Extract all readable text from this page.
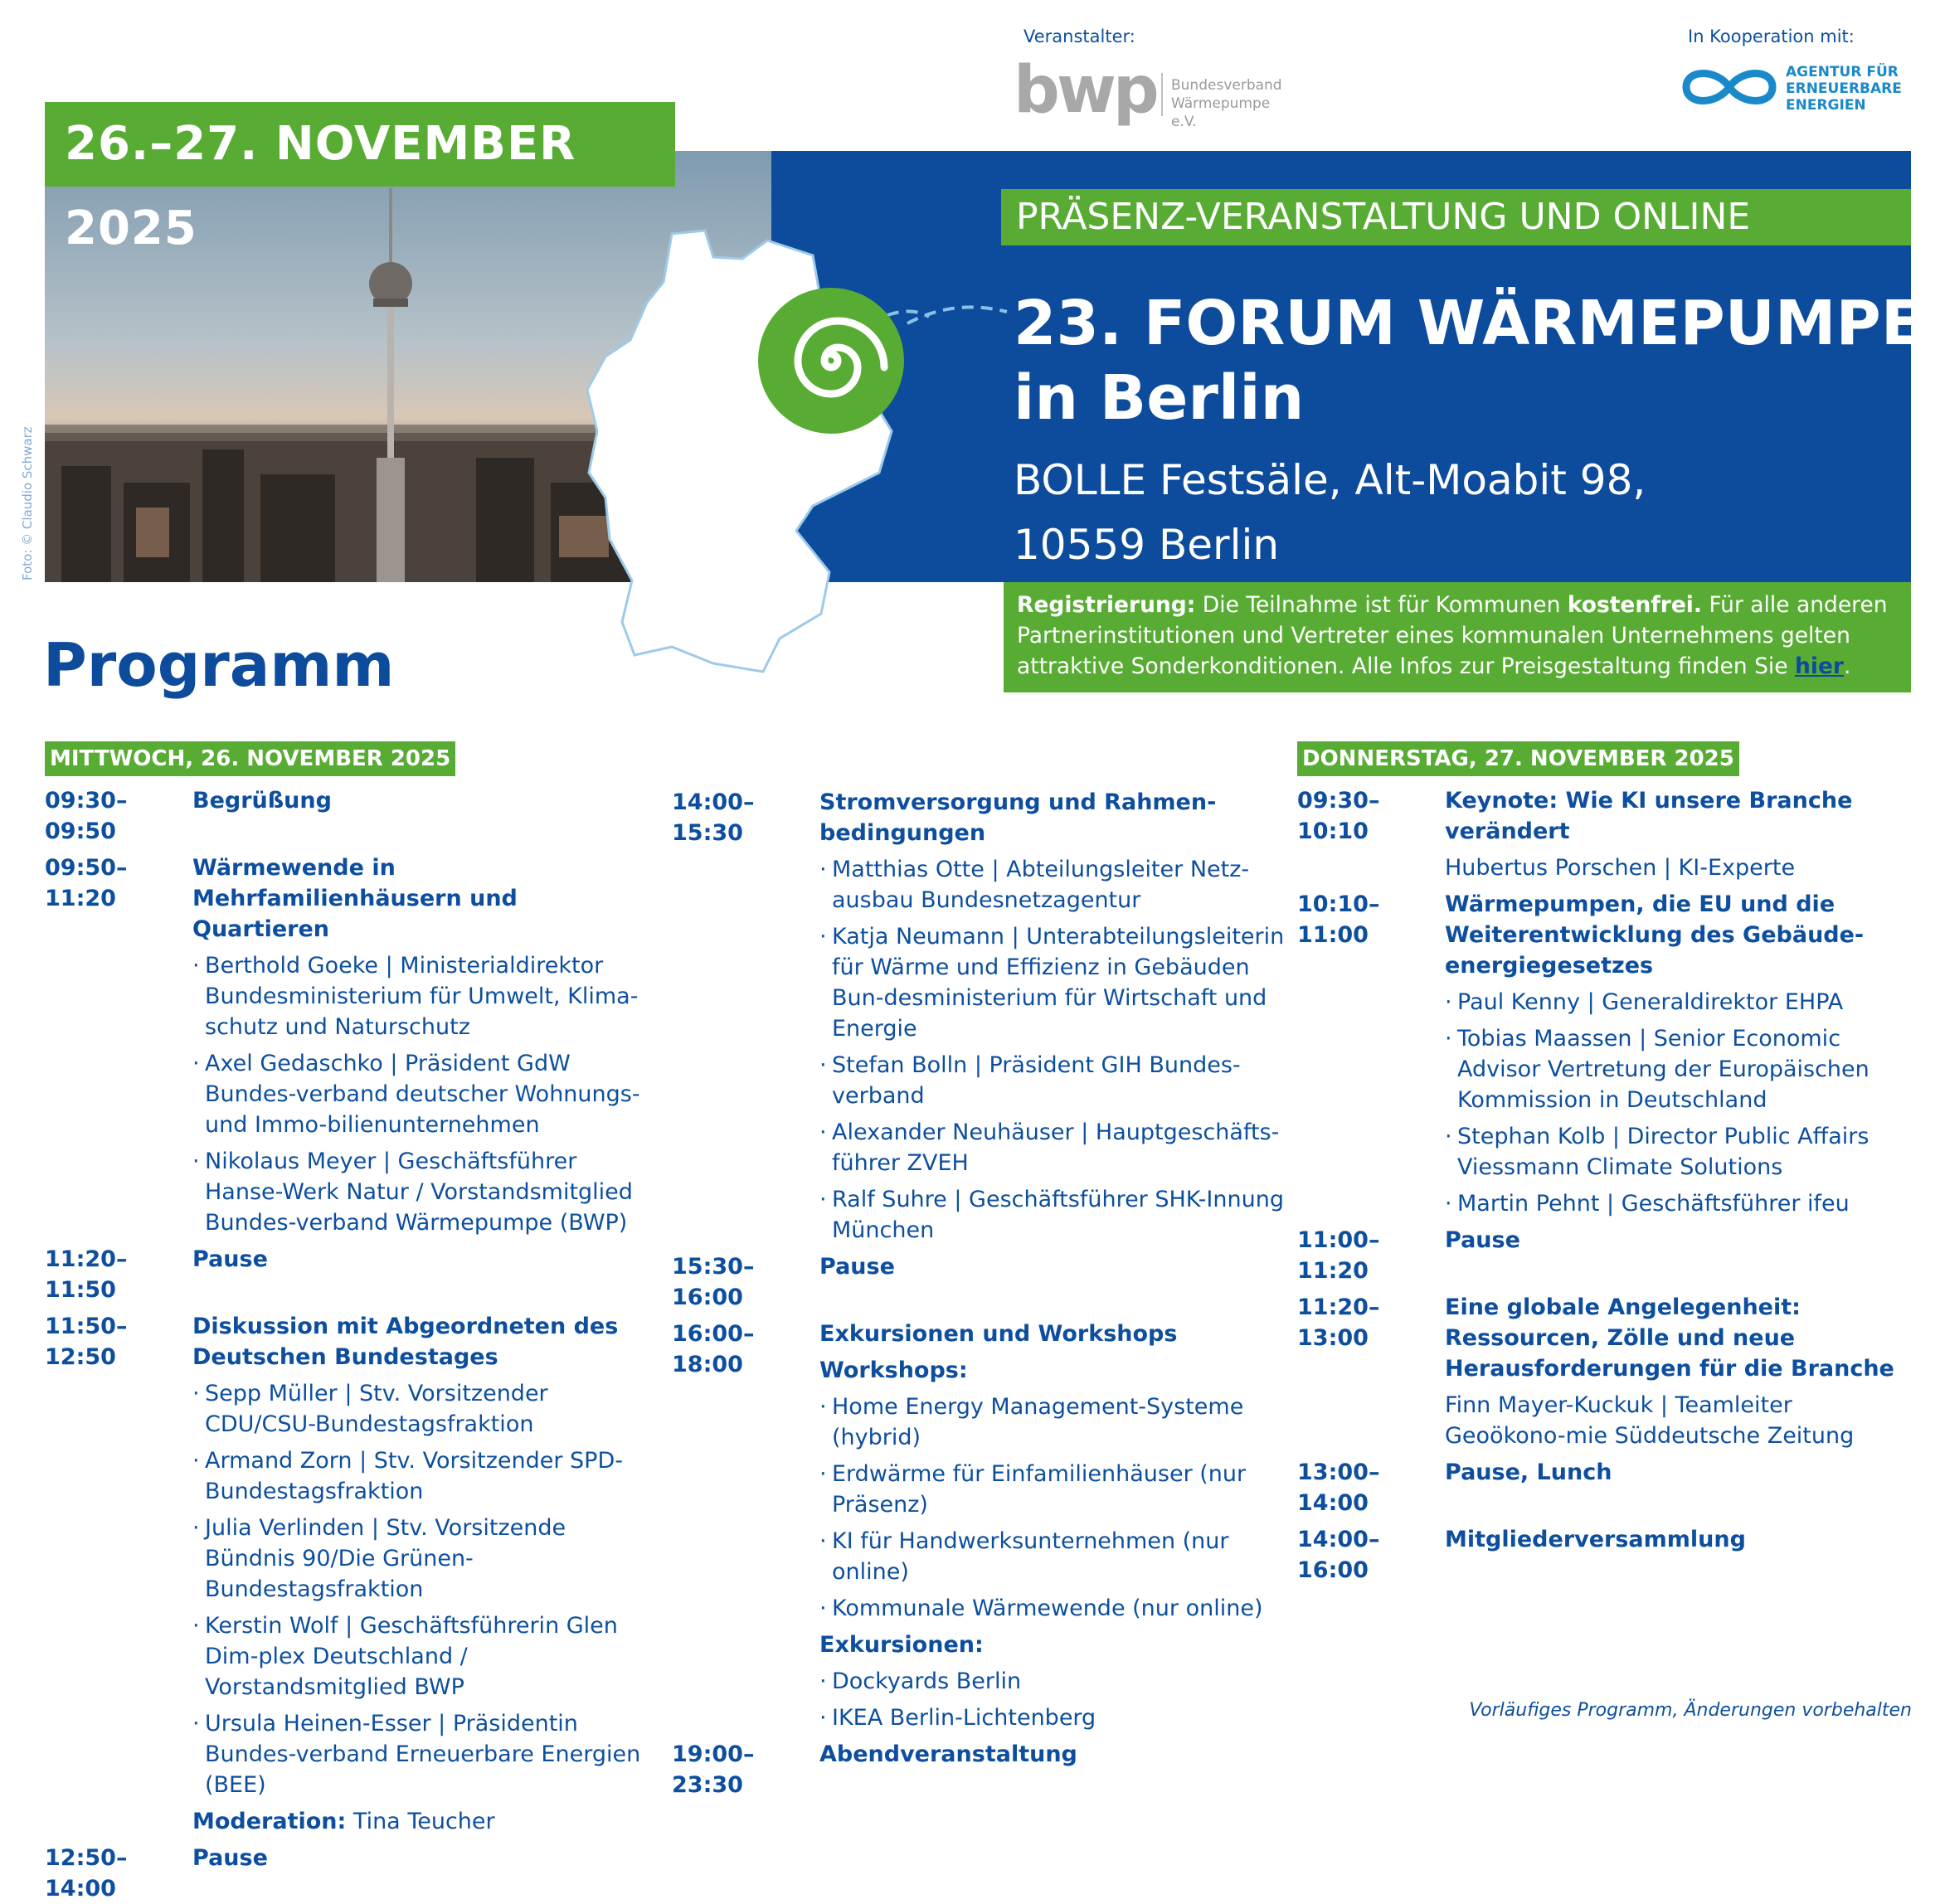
Veranstalter:
bwp Bundesverband
Wärmepumpe e.V.
In Kooperation mit:
AGENTUR FÜR
ERNEUERBARE
ENERGIEN
Foto: © Claudio Schwarz
26.–27. NOVEMBER 2025	PRÄSENZ-VERANSTALTUNG UND ONLINE
23. FORUM WÄRMEPUMPE
in Berlin
BOLLE Festsäle, Alt-Moabit 98,
10559 Berlin
Registrierung: Die Teilnahme ist für Kommunen kostenfrei. Für alle anderen Partnerinstitutionen und Vertreter eines kommunalen Unternehmens gelten attraktive Sonderkonditionen. Alle Infos zur Preisgestaltung finden Sie hier.
Programm
MITTWOCH, 26. NOVEMBER 2025
09:30–09:50
Begrüßung
09:50–11:20
Wärmewende in Mehrfamilienhäusern und Quartieren
· Berthold Goeke | Ministerialdirektor Bundesministerium für Umwelt, Klima-schutz und Naturschutz
· Axel Gedaschko | Präsident GdW Bundes-verband deutscher Wohnungs- und Immo-bilienunternehmen
· Nikolaus Meyer | Geschäftsführer Hanse-Werk Natur / Vorstandsmitglied Bundes-verband Wärmepumpe (BWP)
11:20–11:50
Pause
11:50–12:50
Diskussion mit Abgeordneten des Deutschen Bundestages
· Sepp Müller | Stv. Vorsitzender CDU/CSU-Bundestagsfraktion
· Armand Zorn | Stv. Vorsitzender SPD-Bundestagsfraktion
· Julia Verlinden | Stv. Vorsitzende Bündnis 90/Die Grünen-Bundestagsfraktion
· Kerstin Wolf | Geschäftsführerin Glen Dim-plex Deutschland / Vorstandsmitglied BWP
· Ursula Heinen-Esser | Präsidentin Bundes-verband Erneuerbare Energien (BEE)
Moderation: Tina Teucher
12:50–14:00
Pause
14:00–15:30
Stromversorgung und Rahmen-bedingungen
· Matthias Otte | Abteilungsleiter Netz-ausbau Bundesnetzagentur
· Katja Neumann | Unterabteilungsleiterin für Wärme und Effizienz in Gebäuden Bun-desministerium für Wirtschaft und Energie
· Stefan Bolln | Präsident GIH Bundes-verband
· Alexander Neuhäuser | Hauptgeschäfts-führer ZVEH
· Ralf Suhre | Geschäftsführer SHK-Innung München
15:30–16:00
Pause
16:00–18:00
Exkursionen und Workshops
Workshops:
· Home Energy Management-Systeme (hybrid)
· Erdwärme für Einfamilienhäuser (nur Präsenz)
· KI für Handwerksunternehmen (nur online)
· Kommunale Wärmewende (nur online)
Exkursionen:
· Dockyards Berlin
· IKEA Berlin-Lichtenberg
19:00–23:30
Abendveranstaltung
DONNERSTAG, 27. NOVEMBER 2025
09:30–10:10
Keynote: Wie KI unsere Branche verändert
Hubertus Porschen | KI-Experte
10:10–11:00
Wärmepumpen, die EU und die Weiterentwicklung des Gebäude-energiegesetzes
· Paul Kenny | Generaldirektor EHPA
· Tobias Maassen | Senior Economic Advisor Vertretung der Europäischen Kommission in Deutschland
· Stephan Kolb | Director Public Affairs Viessmann Climate Solutions
· Martin Pehnt | Geschäftsführer ifeu
11:00–11:20
Pause
11:20–13:00
Eine globale Angelegenheit: Ressourcen, Zölle und neue Herausforderungen für die Branche
Finn Mayer-Kuckuk | Teamleiter Geoökono-mie Süddeutsche Zeitung
13:00–14:00
Pause, Lunch
14:00–16:00
Mitgliederversammlung
Vorläufiges Programm, Änderungen vorbehalten
